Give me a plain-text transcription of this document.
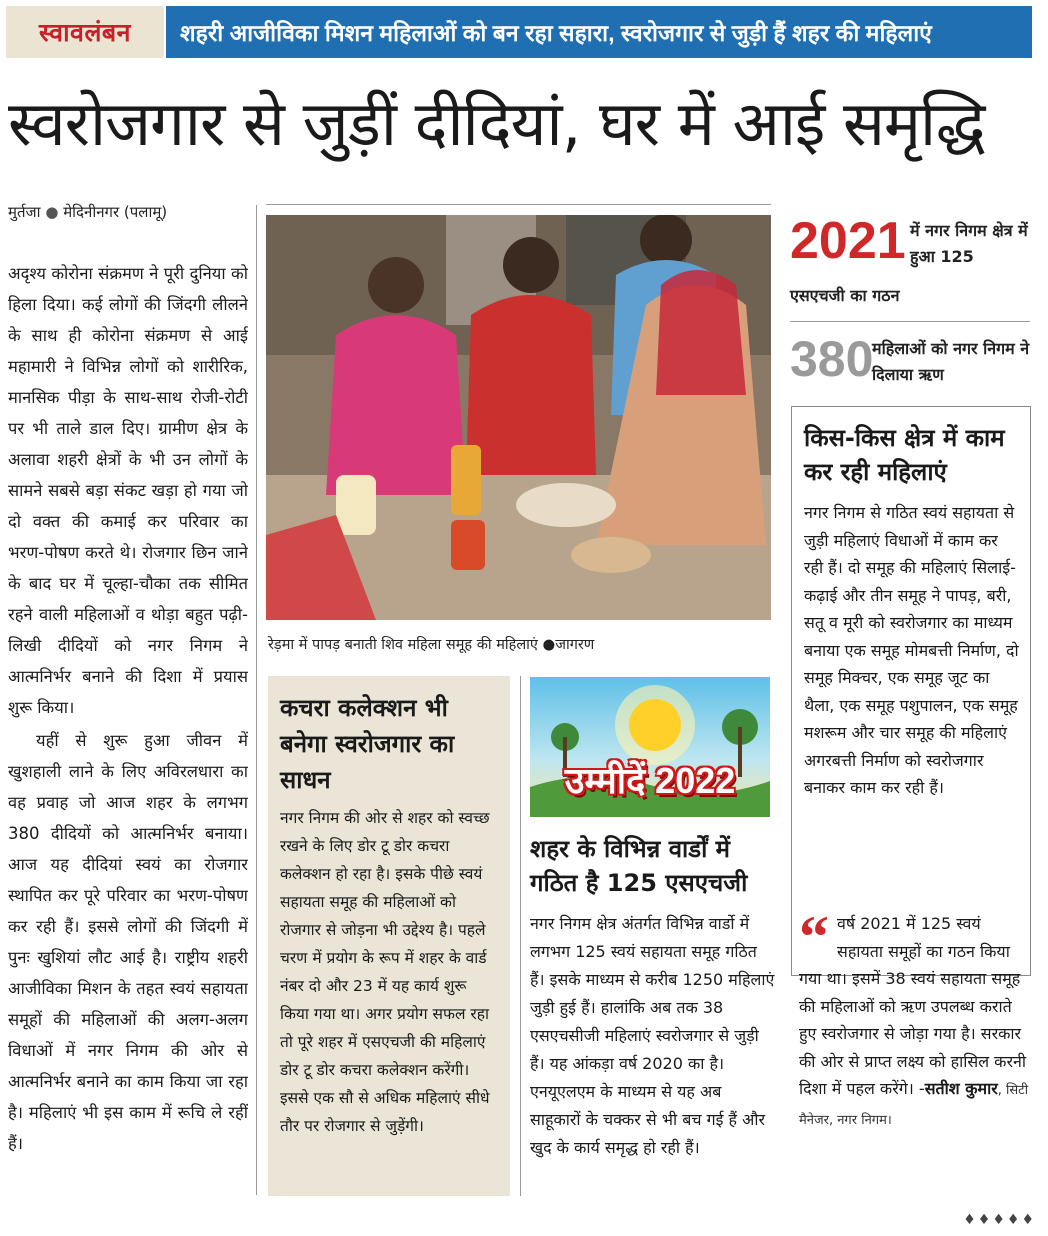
स्वावलंबन	शहरी आजीविका मिशन महिलाओं को बन रहा सहारा, स्वरोजगार से जुड़ी हैं शहर की महिलाएं
स्वरोजगार से जुड़ीं दीदियां, घर में आई समृद्धि
मुर्तजा ● मेदिनीनगर (पलामू)

अदृश्य कोरोना संक्रमण ने पूरी दुनिया को हिला दिया। कई लोगों की जिंदगी लीलने के साथ ही कोरोना संक्रमण से आई महामारी ने विभिन्न लोगों को शारीरिक, मानसिक पीड़ा के साथ-साथ रोजी-रोटी पर भी ताले डाल दिए। ग्रामीण क्षेत्र के अलावा शहरी क्षेत्रों के भी उन लोगों के सामने सबसे बड़ा संकट खड़ा हो गया जो दो वक्त की कमाई कर परिवार का भरण-पोषण करते थे। रोजगार छिन जाने के बाद घर में चूल्हा-चौका तक सीमित रहने वाली महिलाओं व थोड़ा बहुत पढ़ी-लिखी दीदियों को नगर निगम ने आत्मनिर्भर बनाने की दिशा में प्रयास शुरू किया।

यहीं से शुरू हुआ जीवन में खुशहाली लाने के लिए अविरलधारा का वह प्रवाह जो आज शहर के लगभग 380 दीदियों को आत्मनिर्भर बनाया। आज यह दीदियां स्वयं का रोजगार स्थापित कर पूरे परिवार का भरण-पोषण कर रही हैं। इससे लोगों की जिंदगी में पुनः खुशियां लौट आई है। राष्ट्रीय शहरी आजीविका मिशन के तहत स्वयं सहायता समूहों की महिलाओं की अलग-अलग विधाओं में नगर निगम की ओर से आत्मनिर्भर बनाने का काम किया जा रहा है। महिलाएं भी इस काम में रूचि ले रहीं हैं।

रेड़मा में पापड़ बनाती शिव महिला समूह की महिलाएं ●जागरण
2021 में नगर निगम क्षेत्र में हुआ 125
एसएचजी का गठन
380
महिलाओं को नगर निगम ने दिलाया ऋण
किस-किस क्षेत्र में काम कर रही महिलाएं

नगर निगम से गठित स्वयं सहायता से जुड़ी महिलाएं विधाओं में काम कर रही हैं। दो समूह की महिलाएं सिलाई-कढ़ाई और तीन समूह ने पापड़, बरी, सतू व मूरी को स्वरोजगार का माध्यम बनाया एक समूह मोमबत्ती निर्माण, दो समूह मिक्चर, एक समूह जूट का थैला, एक समूह पशुपालन, एक समूह मशरूम और चार समूह की महिलाएं अगरबत्ती निर्माण को स्वरोजगार बनाकर काम कर रही हैं।

“ वर्ष 2021 में 125 स्वयं सहायता समूहों का गठन किया गया था। इसमें 38 स्वयं सहायता समूह की महिलाओं को ऋण उपलब्ध कराते हुए स्वरोजगार से जोड़ा गया है। सरकार की ओर से प्राप्त लक्ष्य को हासिल करनी दिशा में पहल करेंगे। -सतीश कुमार, सिटी मैनेजर, नगर निगम।
कचरा कलेक्शन भी बनेगा स्वरोजगार का साधन

नगर निगम की ओर से शहर को स्वच्छ रखने के लिए डोर टू डोर कचरा कलेक्शन हो रहा है। इसके पीछे स्वयं सहायता समूह की महिलाओं को रोजगार से जोड़ना भी उद्देश्य है। पहले चरण में प्रयोग के रूप में शहर के वार्ड नंबर दो और 23 में यह कार्य शुरू किया गया था। अगर प्रयोग सफल रहा तो पूरे शहर में एसएचजी की महिलाएं डोर टू डोर कचरा कलेक्शन करेंगी। इससे एक सौ से अधिक महिलाएं सीधे तौर पर रोजगार से जुड़ेंगी।

उम्मीदें 2022
शहर के विभिन्न वार्डों में गठित है 125 एसएचजी

नगर निगम क्षेत्र अंतर्गत विभिन्न वार्डो में लगभग 125 स्वयं सहायता समूह गठित हैं। इसके माध्यम से करीब 1250 महिलाएं जुड़ी हुई हैं। हालांकि अब तक 38 एसएचसीजी महिलाएं स्वरोजगार से जुड़ी हैं। यह आंकड़ा वर्ष 2020 का है। एनयूएलएम के माध्यम से यह अब साहूकारों के चक्कर से भी बच गई हैं और खुद के कार्य समृद्ध हो रही हैं।

♦♦♦♦♦
